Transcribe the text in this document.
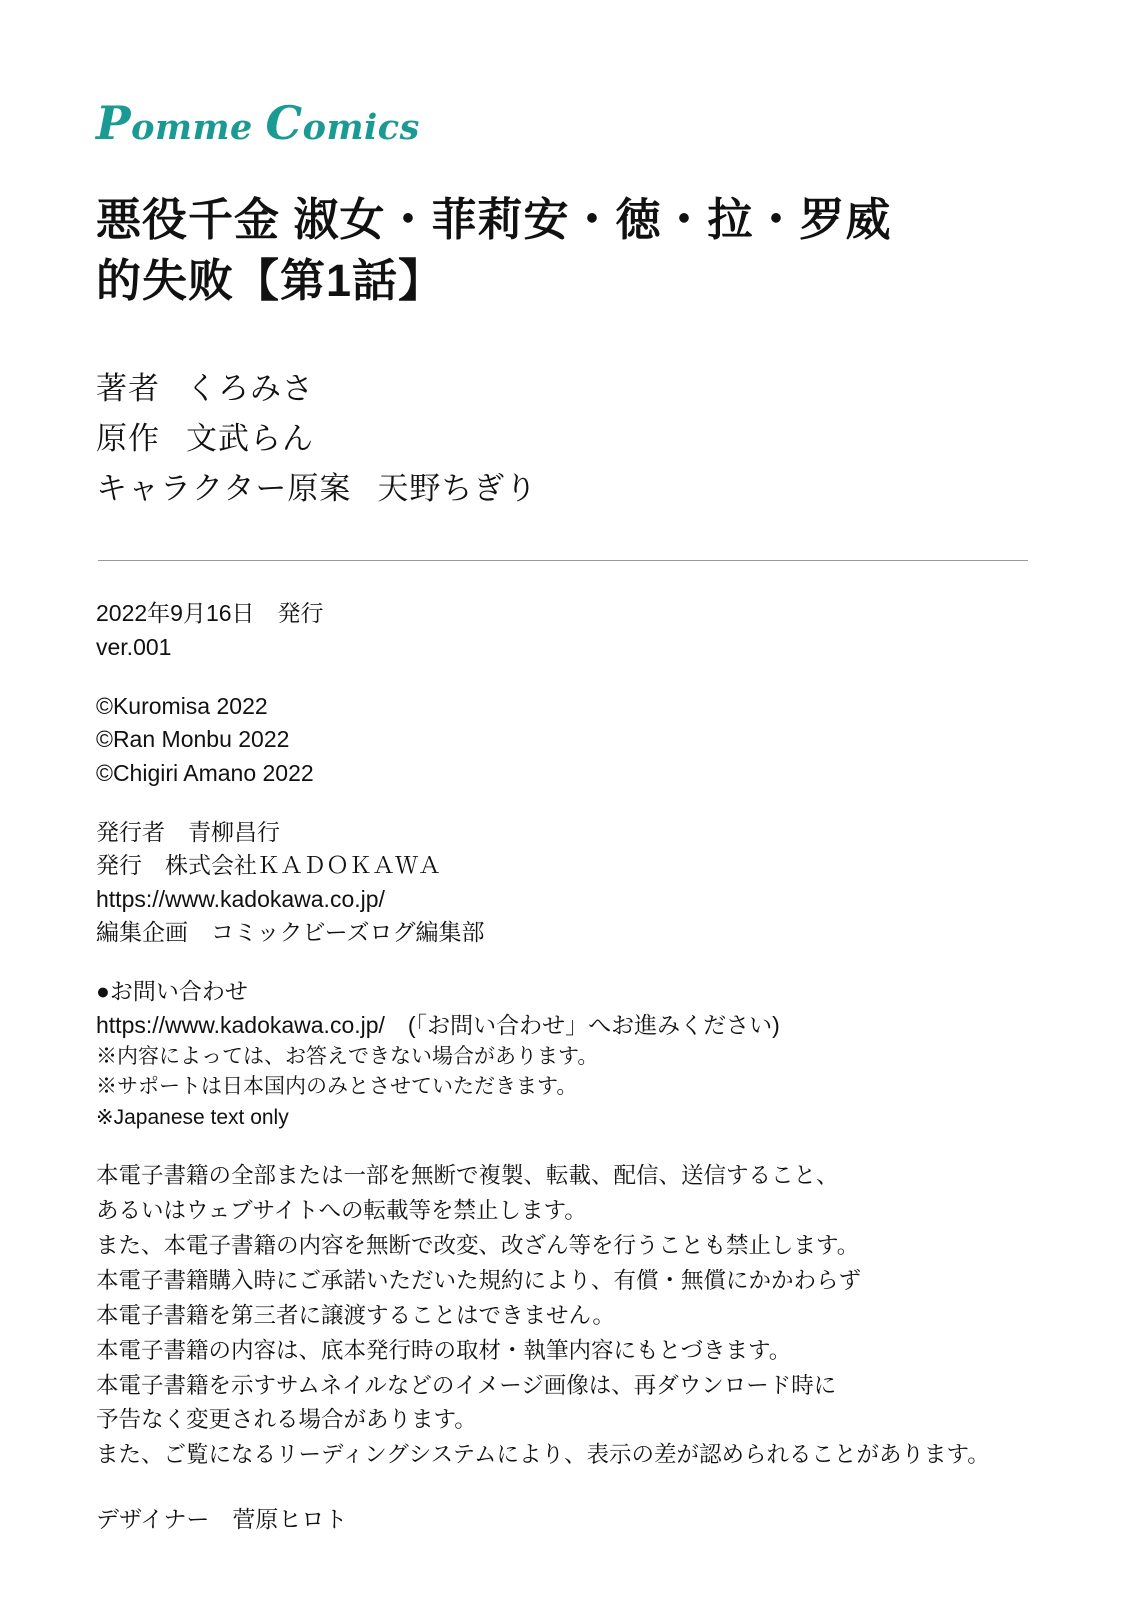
Pomme Comics
悪役千金 淑女・菲莉安・徳・拉・罗威的失败【第1話】
著者 くろみさ
原作 文武らん
キャラクター原案 天野ちぎり
2022年9月16日　発行
ver.001
©Kuromisa 2022
©Ran Monbu 2022
©Chigiri Amano 2022
発行者　青柳昌行
発行　株式会社ＫＡＤＯＫＡＷＡ
https://www.kadokawa.co.jp/
編集企画　コミックビーズログ編集部
●お問い合わせ
https://www.kadokawa.co.jp/　(「お問い合わせ」へお進みください)
※内容によっては、お答えできない場合があります。
※サポートは日本国内のみとさせていただきます。
※Japanese text only
本電子書籍の全部または一部を無断で複製、転載、配信、送信すること、
あるいはウェブサイトへの転載等を禁止します。
また、本電子書籍の内容を無断で改変、改ざん等を行うことも禁止します。
本電子書籍購入時にご承諾いただいた規約により、有償・無償にかかわらず
本電子書籍を第三者に譲渡することはできません。
本電子書籍の内容は、底本発行時の取材・執筆内容にもとづきます。
本電子書籍を示すサムネイルなどのイメージ画像は、再ダウンロード時に
予告なく変更される場合があります。
また、ご覧になるリーディングシステムにより、表示の差が認められることがあります。
デザイナー　菅原ヒロト
